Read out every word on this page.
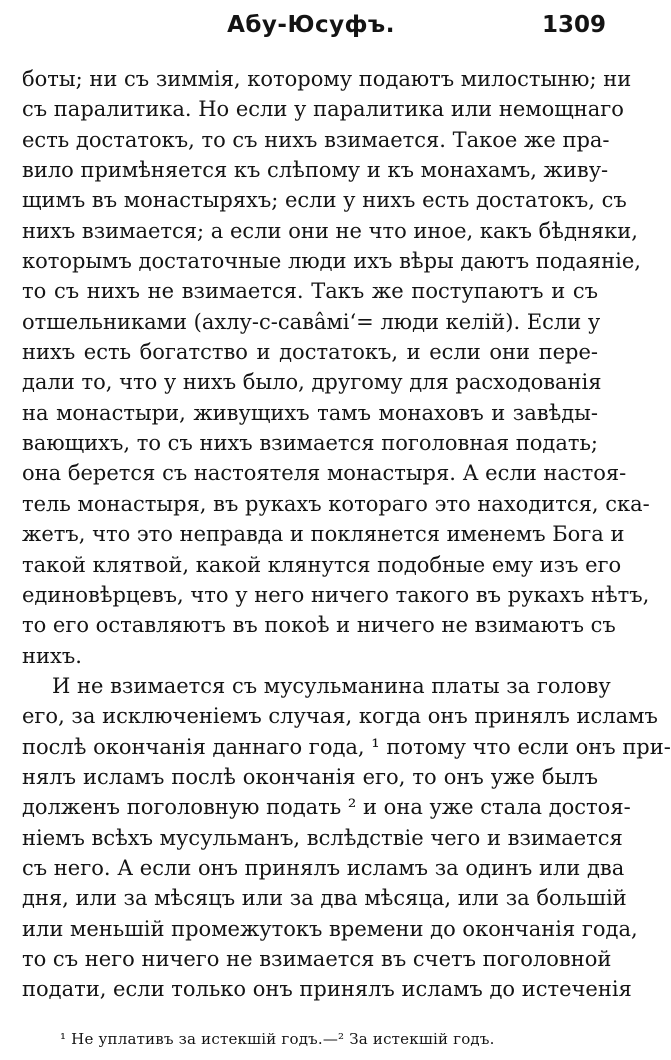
Абу-Юсуфъ.	1309
боты; ни съ зиммія, которому подаютъ милостыню; ни
съ паралитика. Но если у паралитика или немощнаго
есть достатокъ, то съ нихъ взимается. Такое же пра-
вило примѣняется къ слѣпому и къ монахамъ, живу-
щимъ въ монастыряхъ; если у нихъ есть достатокъ, съ
нихъ взимается; а если они не что иное, какъ бѣдняки,
которымъ достаточные люди ихъ вѣры даютъ подаяніе,
то съ нихъ не взимается. Такъ же поступаютъ и съ
отшельниками (ахлу-с-савâмі‘= люди келій). Если у
нихъ есть богатство и достатокъ, и если они пере-
дали то, что у нихъ было, другому для расходованія
на монастыри, живущихъ тамъ монаховъ и завѣды-
вающихъ, то съ нихъ взимается поголовная подать;
она берется съ настоятеля монастыря. А если настоя-
тель монастыря, въ рукахъ котораго это находится, ска-
жетъ, что это неправда и поклянется именемъ Бога и
такой клятвой, какой клянутся подобные ему изъ его
единовѣрцевъ, что у него ничего такого въ рукахъ нѣтъ,
то его оставляютъ въ покоѣ и ничего не взимаютъ съ
нихъ.
И не взимается съ мусульманина платы за голову
его, за исключеніемъ случая, когда онъ принялъ исламъ
послѣ окончанія даннаго года, ¹ потому что если онъ при-
нялъ исламъ послѣ окончанія его, то онъ уже былъ
долженъ поголовную подать ² и она уже стала достоя-
ніемъ всѣхъ мусульманъ, вслѣдствіе чего и взимается
съ него. А если онъ принялъ исламъ за одинъ или два
дня, или за мѣсяцъ или за два мѣсяца, или за большій
или меньшій промежутокъ времени до окончанія года,
то съ него ничего не взимается въ счетъ поголовной
подати, если только онъ принялъ исламъ до истеченія
¹ Не уплативъ за истекшій годъ.—² За истекшій годъ.
